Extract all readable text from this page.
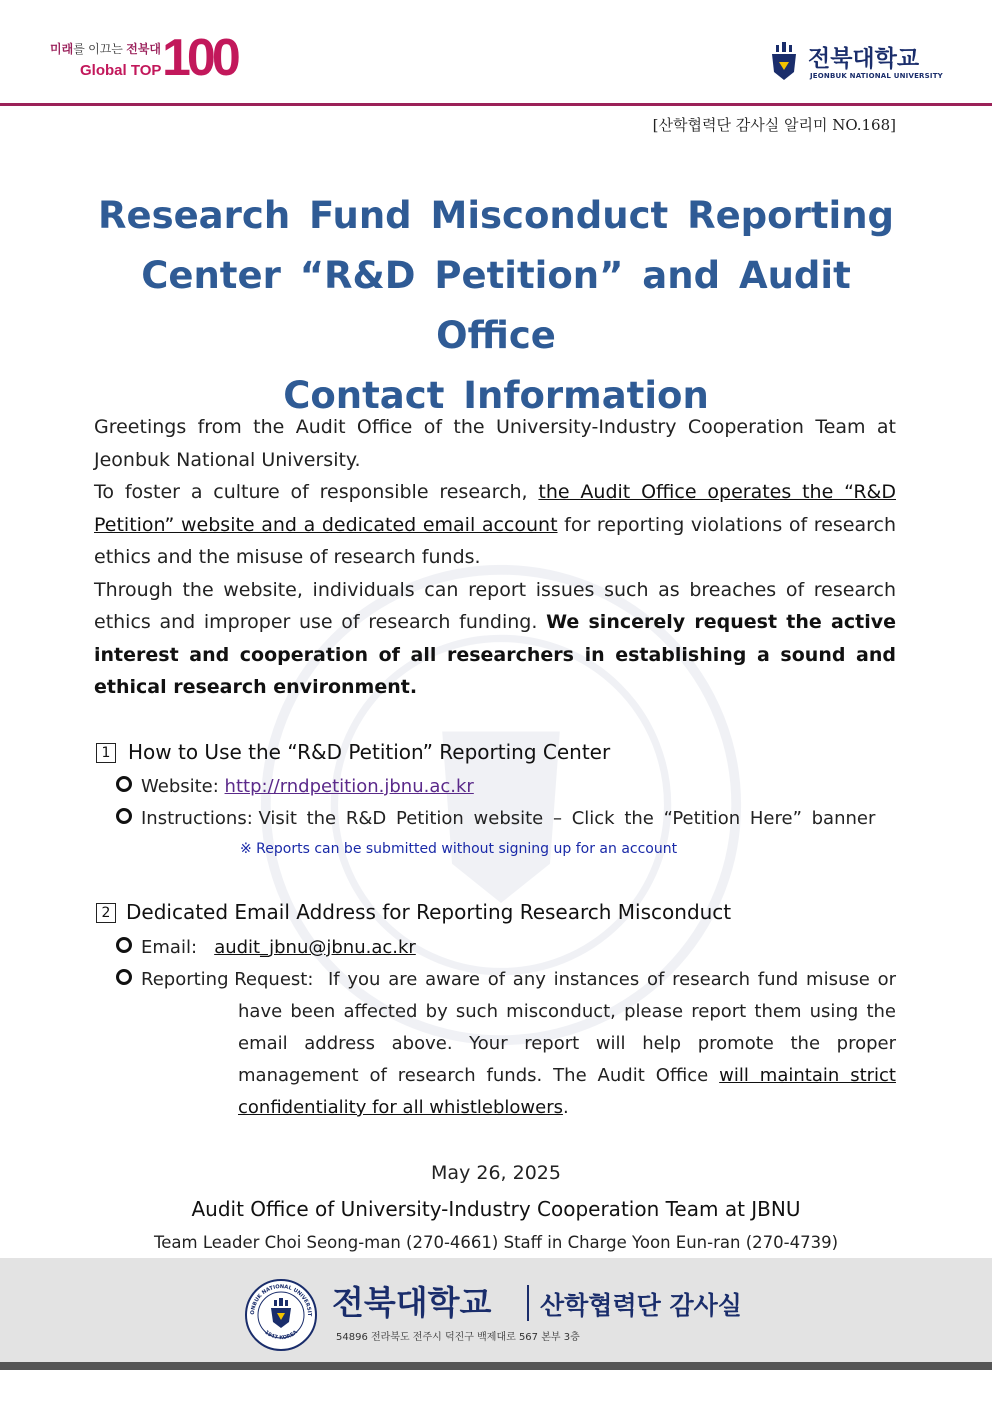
미래를 이끄는 전북대
Global TOP 100	전북대학교
JEONBUK NATIONAL UNIVERSITY
[산학협력단 감사실 알리미 NO.168]
Research Fund Misconduct Reporting
Center “R&D Petition” and Audit Office
Contact Information

Greetings from the Audit Office of the University-Industry Cooperation Team at Jeonbuk National University.

To foster a culture of responsible research, the Audit Office operates the “R&D Petition” website and a dedicated email account for reporting violations of research ethics and the misuse of research funds.

Through the website, individuals can report issues such as breaches of research ethics and improper use of research funding. We sincerely request the active interest and cooperation of all researchers in establishing a sound and ethical research environment.

1 How to Use the “R&D Petition” Reporting Center
Website: http://rndpetition.jbnu.ac.kr
Instructions: Visit the R&D Petition website – Click the “Petition Here” banner
※ Reports can be submitted without signing up for an account
2 Dedicated Email Address for Reporting Research Misconduct
Email:   audit_jbnu@jbnu.ac.kr
Reporting Request: If you are aware of any instances of research fund misuse or have been affected by such misconduct, please report them using the email address above. Your report will help promote the proper management of research funds. The Audit Office will maintain strict confidentiality for all whistleblowers.
May 26, 2025
Audit Office of University-Industry Cooperation Team at JBNU
Team Leader Choi Seong-man (270-4661) Staff in Charge Yoon Eun-ran (270-4739)
ONBUK NATIONAL UNIVERSIT
1947 KOREA
전북대학교 산학협력단 감사실
54896 전라북도 전주시 덕진구 백제대로 567 본부 3층
